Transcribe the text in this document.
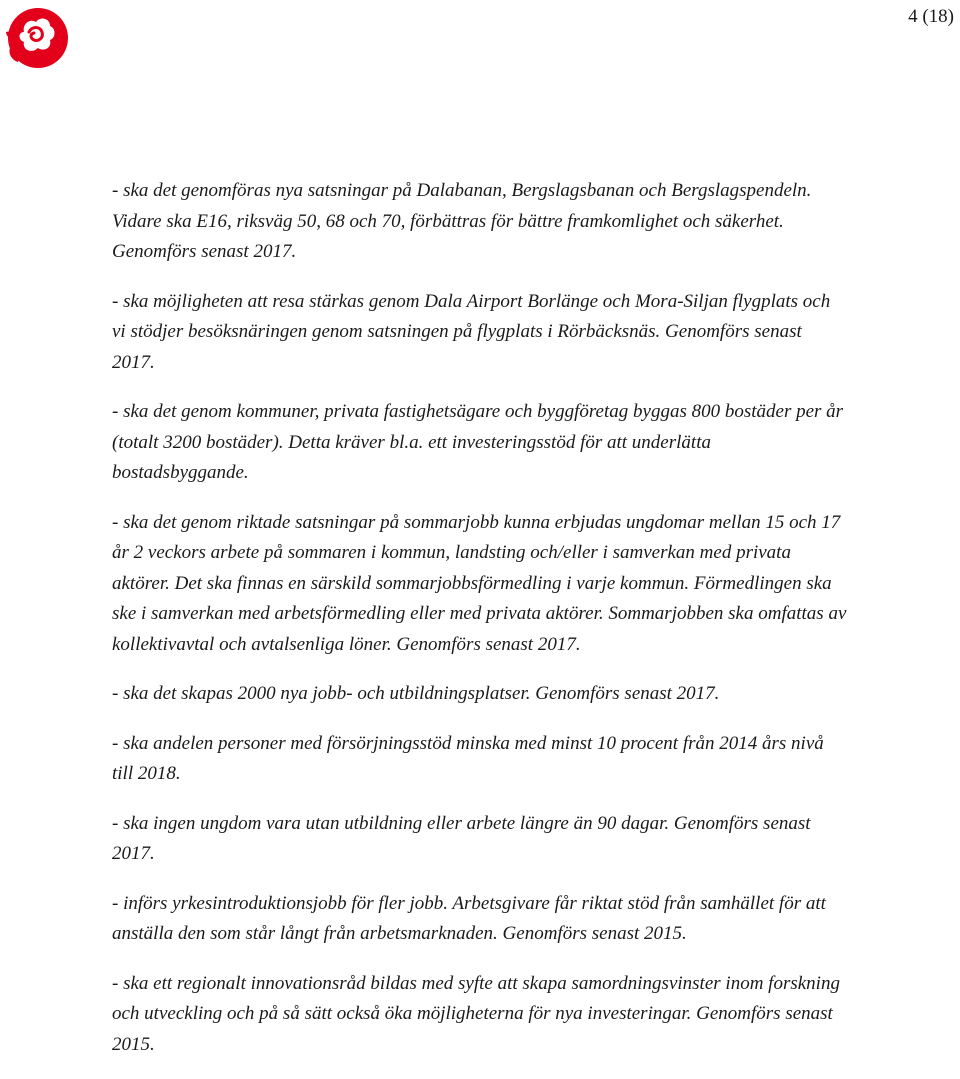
4 (18)

- ska det genomföras nya satsningar på Dalabanan, Bergslagsbanan och Bergslagspendeln. Vidare ska E16, riksväg 50, 68 och 70, förbättras för bättre framkomlighet och säkerhet. Genomförs senast 2017.

- ska möjligheten att resa stärkas genom Dala Airport Borlänge och Mora-Siljan flygplats och vi stödjer besöksnäringen genom satsningen på flygplats i Rörbäcksnäs. Genomförs senast 2017.

- ska det genom kommuner, privata fastighetsägare och byggföretag byggas 800 bostäder per år (totalt 3200 bostäder). Detta kräver bl.a. ett investeringsstöd för att underlätta bostadsbyggande.

- ska det genom riktade satsningar på sommarjobb kunna erbjudas ungdomar mellan 15 och 17 år 2 veckors arbete på sommaren i kommun, landsting och/eller i samverkan med privata aktörer. Det ska finnas en särskild sommarjobbsförmedling i varje kommun. Förmedlingen ska ske i samverkan med arbetsförmedling eller med privata aktörer. Sommarjobben ska omfattas av kollektivavtal och avtalsenliga löner. Genomförs senast 2017.

- ska det skapas 2000 nya jobb- och utbildningsplatser. Genomförs senast 2017.

- ska andelen personer med försörjningsstöd minska med minst 10 procent från 2014 års nivå till 2018.

- ska ingen ungdom vara utan utbildning eller arbete längre än 90 dagar. Genomförs senast 2017.

- införs yrkesintroduktionsjobb för fler jobb. Arbetsgivare får riktat stöd från samhället för att anställa den som står långt från arbetsmarknaden. Genomförs senast 2015.

- ska ett regionalt innovationsråd bildas med syfte att skapa samordningsvinster inom forskning och utveckling och på så sätt också öka möjligheterna för nya investeringar. Genomförs senast 2015.
